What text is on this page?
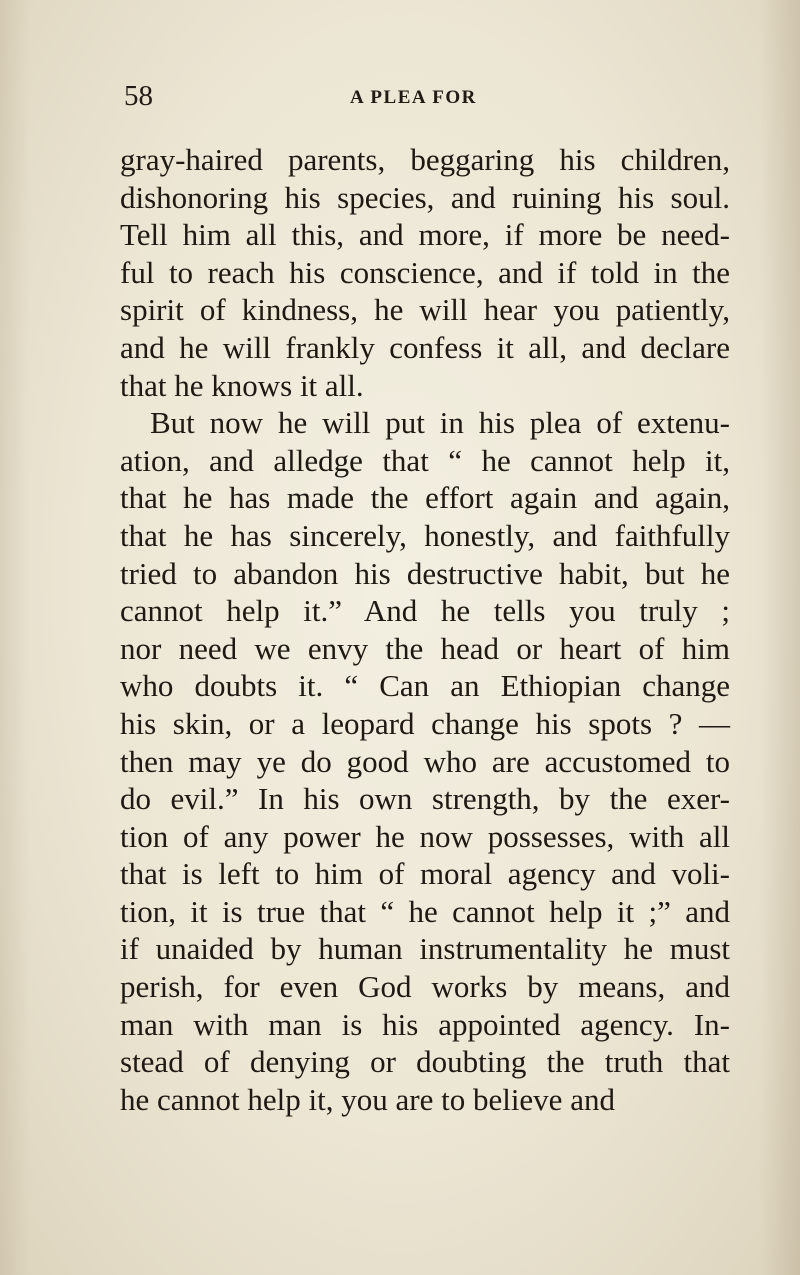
58	A PLEA FOR
gray-haired parents, beggaring his children,
dishonoring his species, and ruining his soul.
Tell him all this, and more, if more be need-
ful to reach his conscience, and if told in the
spirit of kindness, he will hear you patiently,
and he will frankly confess it all, and declare
that he knows it all.
But now he will put in his plea of extenu-
ation, and alledge that “ he cannot help it,
that he has made the effort again and again,
that he has sincerely, honestly, and faithfully
tried to abandon his destructive habit, but he
cannot help it.” And he tells you truly ;
nor need we envy the head or heart of him
who doubts it. “ Can an Ethiopian change
his skin, or a leopard change his spots ? —
then may ye do good who are accustomed to
do evil.” In his own strength, by the exer-
tion of any power he now possesses, with all
that is left to him of moral agency and voli-
tion, it is true that “ he cannot help it ;” and
if unaided by human instrumentality he must
perish, for even God works by means, and
man with man is his appointed agency. In-
stead of denying or doubting the truth that
he cannot help it, you are to believe and
